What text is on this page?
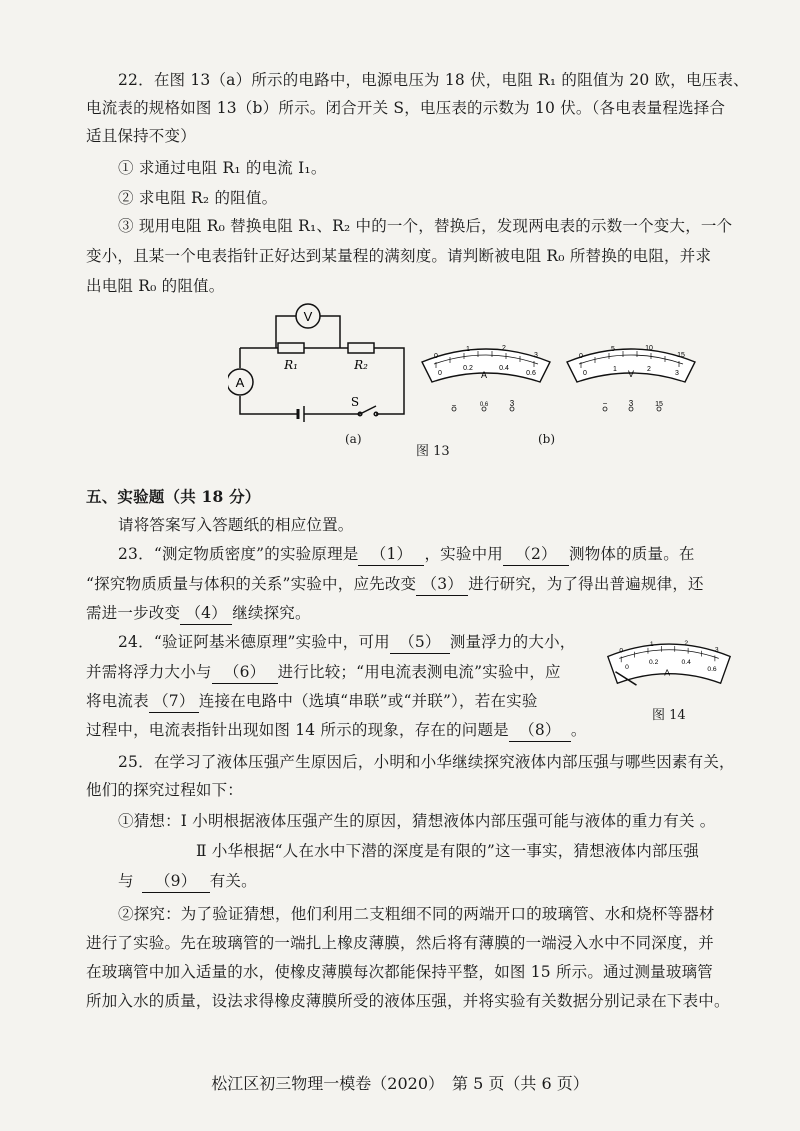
22．在图 13（a）所示的电路中，电源电压为 18 伏，电阻 R₁ 的阻值为 20 欧，电压表、
电流表的规格如图 13（b）所示。闭合开关 S，电压表的示数为 10 伏。（各电表量程选择合
适且保持不变）
① 求通过电阻 R₁ 的电流 I₁。
② 求电阻 R₂ 的阻值。
③ 现用电阻 R₀ 替换电阻 R₁、R₂ 中的一个，替换后，发现两电表的示数一个变大，一个
变小，且某一个电表指针正好达到某量程的满刻度。请判断被电阻 R₀ 所替换的电阻，并求
出电阻 R₀ 的阻值。
V
A
R₁	R₂
S
(a)
图 13
(b)
0
1	2
3
0
0.2	0.4
0.6
A
−	0.6	3
0
5	10
15
0
1	2
3
V
−	3	15
五、实验题（共 18 分）
请将答案写入答题纸的相应位置。
23．“测定物质密度”的实验原理是 （1） ，实验中用 （2） 测物体的质量。在
“探究物质质量与体积的关系”实验中，应先改变 （3） 进行研究，为了得出普遍规律，还
需进一步改变 （4） 继续探究。
24．“验证阿基米德原理”实验中，可用 （5） 测量浮力的大小，
并需将浮力大小与 （6） 进行比较；“用电流表测电流”实验中，应
将电流表 （7） 连接在电路中（选填“串联”或“并联”），若在实验
过程中，电流表指针出现如图 14 所示的现象，存在的问题是 （8） 。
0
1	2
3
0
0.2	0.4
0.6
A
图 14
25．在学习了液体压强产生原因后，小明和小华继续探究液体内部压强与哪些因素有关，
他们的探究过程如下：
①猜想：Ⅰ 小明根据液体压强产生的原因，猜想液体内部压强可能与液体的重力有关 。
Ⅱ 小华根据“人在水中下潜的深度是有限的”这一事实，猜想液体内部压强
与 （9） 有关。
②探究：为了验证猜想，他们利用二支粗细不同的两端开口的玻璃管、水和烧杯等器材
进行了实验。先在玻璃管的一端扎上橡皮薄膜，然后将有薄膜的一端浸入水中不同深度，并
在玻璃管中加入适量的水，使橡皮薄膜每次都能保持平整，如图 15 所示。通过测量玻璃管
所加入水的质量，设法求得橡皮薄膜所受的液体压强，并将实验有关数据分别记录在下表中。
松江区初三物理一模卷（2020）　第 5 页（共 6 页）
